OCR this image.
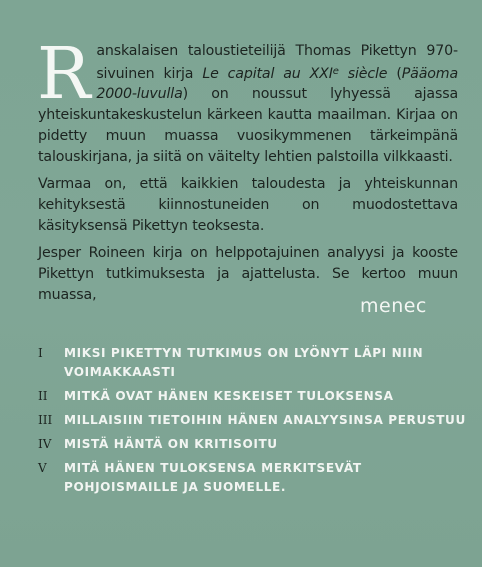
Ranskalaisen taloustieteilijä Thomas Pikettyn 970-sivuinen kirja Le capital au XXIe siècle (Pääoma 2000-luvulla) on noussut lyhyessä ajassa yhteiskuntakeskustelun kärkeen kautta maailman. Kirjaa on pidetty muun muassa vuosikymmenen tärkeimpänä talouskirjana, ja siitä on väitelty lehtien palstoilla vilkkaasti.

Varmaa on, että kaikkien taloudesta ja yhteiskunnan kehityksestä kiinnostuneiden on muodostettava käsityksensä Pikettyn teoksesta.

Jesper Roineen kirja on helppotajuinen analyysi ja kooste Pikettyn tutkimuksesta ja ajattelusta. Se kertoo muun muassa,

menec
I MIKSI PIKETTYN TUTKIMUS ON LYÖNYT LÄPI NIIN VOIMAKKAASTI
II MITKÄ OVAT HÄNEN KESKEISET TULOKSENSA
III MILLAISIIN TIETOIHIN HÄNEN ANALYYSINSA PERUSTUU
IV MISTÄ HÄNTÄ ON KRITISOITU
V MITÄ HÄNEN TULOKSENSA MERKITSEVÄT POHJOISMAILLE JA SUOMELLE.
